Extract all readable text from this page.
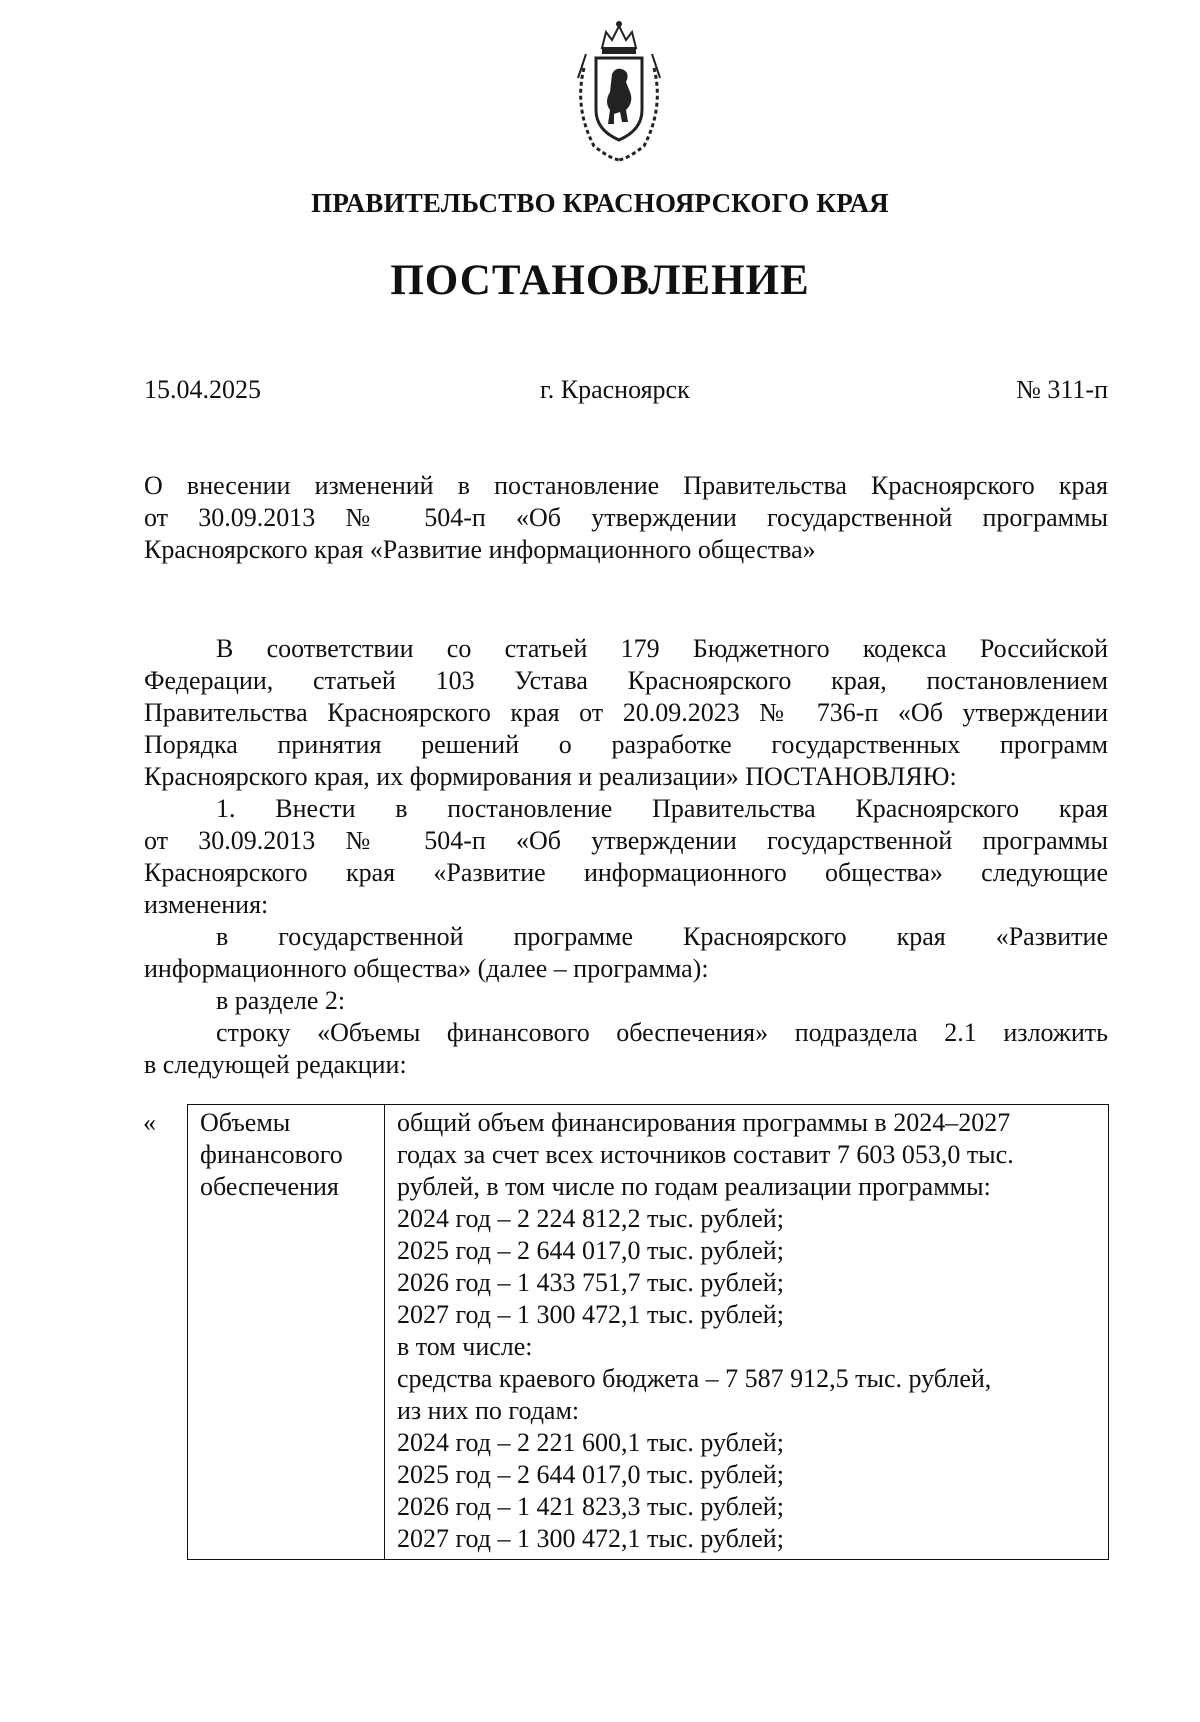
ПРАВИТЕЛЬСТВО КРАСНОЯРСКОГО КРАЯ
ПОСТАНОВЛЕНИЕ
15.04.2025	г. Красноярск	№ 311-п

О внесении изменений в постановление Правительства Красноярского края

от 30.09.2013 № 504-п «Об утверждении государственной программы

Красноярского края «Развитие информационного общества»

В соответствии со статьей 179 Бюджетного кодекса Российской

Федерации, статьей 103 Устава Красноярского края, постановлением

Правительства Красноярского края от 20.09.2023 № 736-п «Об утверждении

Порядка принятия решений о разработке государственных программ

Красноярского края, их формирования и реализации» ПОСТАНОВЛЯЮ:

1. Внести в постановление Правительства Красноярского края

от 30.09.2013 № 504-п «Об утверждении государственной программы

Красноярского края «Развитие информационного общества» следующие

изменения:

в государственной программе Красноярского края «Развитие

информационного общества» (далее – программа):

в разделе 2:

строку «Объемы финансового обеспечения» подраздела 2.1 изложить

в следующей редакции:

« Объемы
финансового
обеспечения

общий объем финансирования программы в 2024–2027
годах за счет всех источников составит 7 603 053,0 тыс.
рублей, в том числе по годам реализации программы:
2024 год – 2 224 812,2 тыс. рублей;
2025 год – 2 644 017,0 тыс. рублей;
2026 год – 1 433 751,7 тыс. рублей;
2027 год – 1 300 472,1 тыс. рублей;
в том числе:
средства краевого бюджета – 7 587 912,5 тыс. рублей,
из них по годам:
2024 год – 2 221 600,1 тыс. рублей;
2025 год – 2 644 017,0 тыс. рублей;
2026 год – 1 421 823,3 тыс. рублей;
2027 год – 1 300 472,1 тыс. рублей;
